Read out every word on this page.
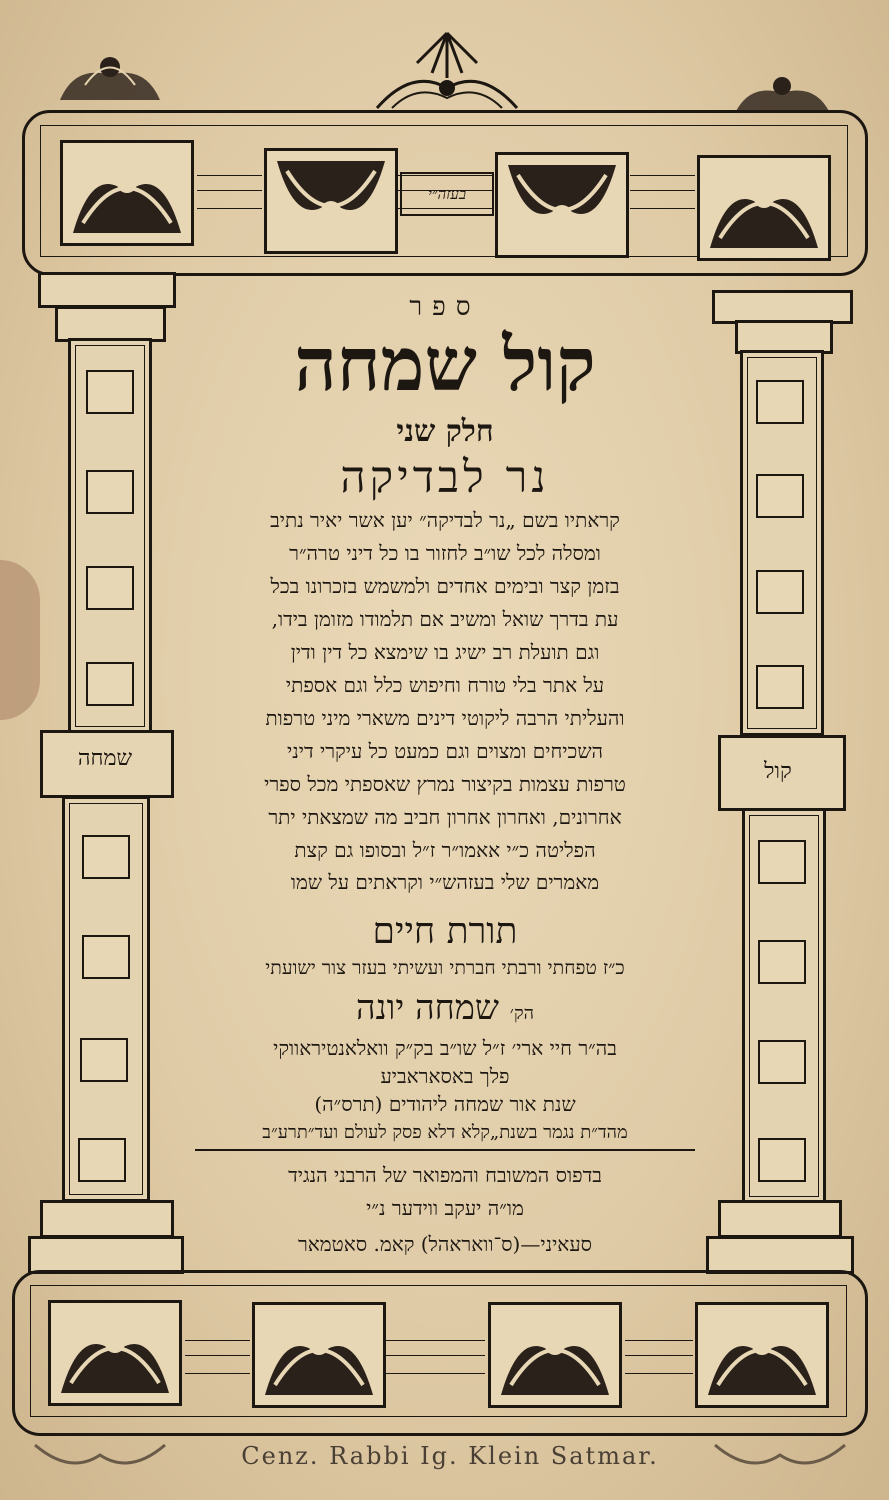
בעזה״י
שמחה
קול
ספר
קול שמחה
חלק שני
נר לבדיקה
קראתיו בשם „נר לבדיקה״ יען אשר יאיר נתיב
ומסלה לכל שו״ב לחזור בו כל דיני טרה״ר
בזמן קצר ובימים אחדים ולמשמש בזכרונו בכל
עת בדרך שואל ומשיב אם תלמודו מזומן בידו,
וגם תועלת רב ישיג בו שימצא כל דין ודין
על אתר בלי טורח וחיפוש כלל וגם אספתי
והעליתי הרבה ליקוטי דינים משארי מיני טרפות
השכיחים ומצוים וגם כמעט כל עיקרי דיני
טרפות עצמות בקיצור נמרץ שאספתי מכל ספרי
אחרונים, ואחרון אחרון חביב מה שמצאתי יתר
הפליטה כ״י אאמו״ר ז״ל ובסופו גם קצת
מאמרים שלי בעזהש״י וקראתים על שמו
תורת חיים
כ״ז טפחתי ורבתי חברתי ועשיתי בעזר צור ישועתי
הק׳ שמחה יונה
בה״ר חיי ארי׳ ז״ל שו״ב בק״ק וואלאנטיראווקי
פלך באסאראביע
שנת אור שמחה ליהודים (תרס״ה)
מהד״ת נגמר בשנת„קלא דלא פסק לעולם ועד״תרע״ב
בדפוס המשובח והמפואר של הרבני הנגיד
מו״ה יעקב ווידער נ״י
סעאיני—(ס־וואראהל) קאמ. סאטמאר
Cenz. Rabbi Ig. Klein Satmar.
